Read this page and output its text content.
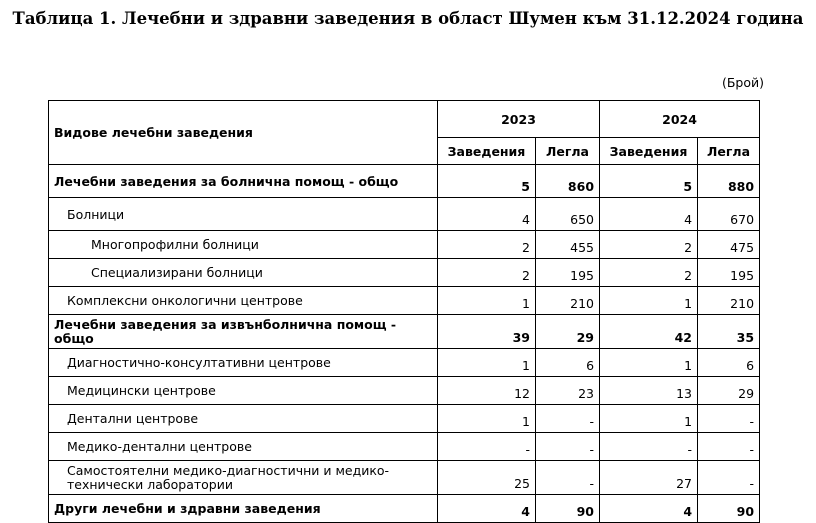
Таблица 1. Лечебни и здравни заведения в област Шумен към 31.12.2024 година
(Брой)
Видове лечебни заведения	2023		2024	
	Заведения	Легла	Заведения	Легла
Лечебни заведения за болнична помощ - общо	5	860	5	880
Болници	4	650	4	670
Многопрофилни болници	2	455	2	475
Специализирани болници	2	195	2	195
Комплексни онкологични центрове	1	210	1	210

Лечебни заведения за извънболнична помощ - общо	39	29	42	35
Диагностично-консултативни центрове	1	6	1	6
Медицински центрове	12	23	13	29
Дентални центрове	1	-	1	-
Медико-дентални центрове	-	-	-	-

Самостоятелни медико-диагностични и медико-технически лаборатории	25	-	27	-
Други лечебни и здравни заведения	4	90	4	90
